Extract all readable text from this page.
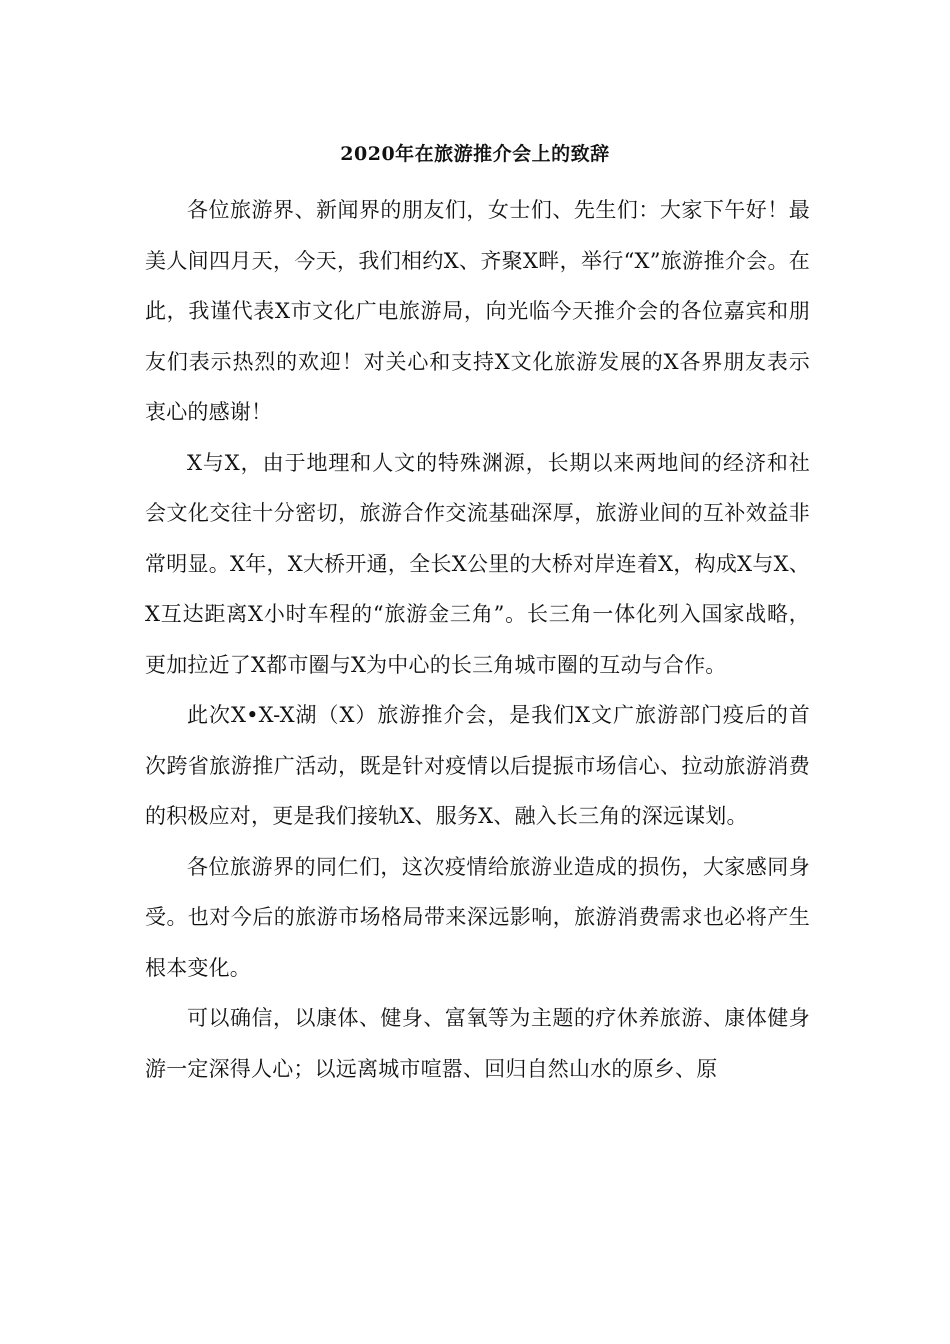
2020年在旅游推介会上的致辞

各位旅游界、新闻界的朋友们，女士们、先生们：大家下午好！最美人间四月天，今天，我们相约X、齐聚X畔，举行“X”旅游推介会。在此，我谨代表X市文化广电旅游局，向光临今天推介会的各位嘉宾和朋友们表示热烈的欢迎！对关心和支持X文化旅游发展的X各界朋友表示衷心的感谢！

X与X，由于地理和人文的特殊渊源，长期以来两地间的经济和社会文化交往十分密切，旅游合作交流基础深厚，旅游业间的互补效益非常明显。X年，X大桥开通，全长X公里的大桥对岸连着X，构成X与X、X互达距离X小时车程的“旅游金三角”。长三角一体化列入国家战略，更加拉近了X都市圈与X为中心的长三角城市圈的互动与合作。

此次X•X-X湖（X）旅游推介会，是我们X文广旅游部门疫后的首次跨省旅游推广活动，既是针对疫情以后提振市场信心、拉动旅游消费的积极应对，更是我们接轨X、服务X、融入长三角的深远谋划。

各位旅游界的同仁们，这次疫情给旅游业造成的损伤，大家感同身受。也对今后的旅游市场格局带来深远影响，旅游消费需求也必将产生根本变化。

可以确信，以康体、健身、富氧等为主题的疗休养旅游、康体健身游一定深得人心；以远离城市喧嚣、回归自然山水的原乡、原
